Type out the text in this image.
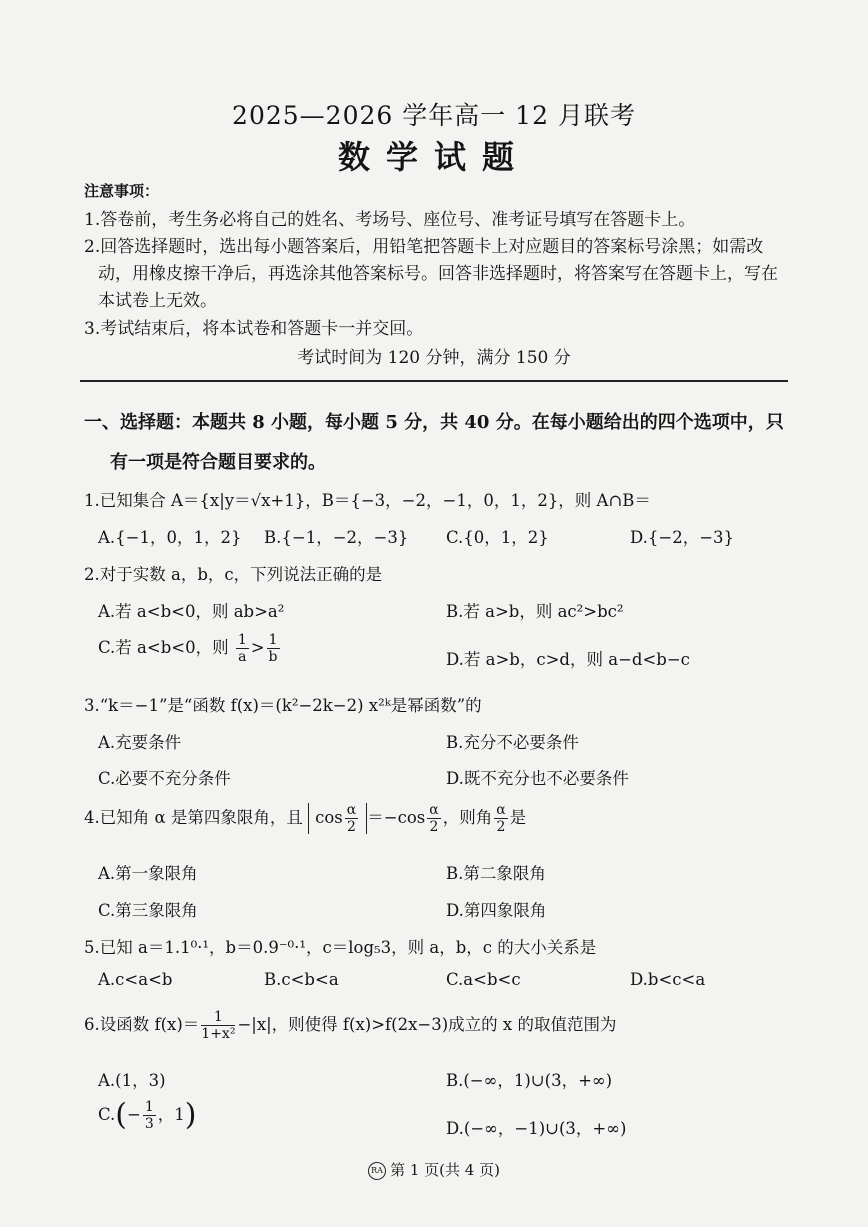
2025—2026 学年高一 12 月联考
数学试题
注意事项：
1.答卷前，考生务必将自己的姓名、考场号、座位号、准考证号填写在答题卡上。
2.回答选择题时，选出每小题答案后，用铅笔把答题卡上对应题目的答案标号涂黑；如需改
动，用橡皮擦干净后，再选涂其他答案标号。回答非选择题时，将答案写在答题卡上，写在
本试卷上无效。
3.考试结束后，将本试卷和答题卡一并交回。
考试时间为 120 分钟，满分 150 分
一、选择题：本题共 8 小题，每小题 5 分，共 40 分。在每小题给出的四个选项中，只
有一项是符合题目要求的。
1.已知集合 A＝{x|y＝√x+1}，B＝{−3，−2，−1，0，1，2}，则 A∩B＝
A.{−1，0，1，2} B.{−1，−2，−3} C.{0，1，2}	D.{−2，−3}
2.对于实数 a，b，c，下列说法正确的是
A.若 a<b<0，则 ab>a²	B.若 a>b，则 ac²>bc²
C.若 a<b<0，则 $\frac{1}{a} > \frac{1}{b}$	D.若 a>b，c>d，则 a−d<b−c
3.“k＝−1”是“函数 f(x)＝(k²−2k−2) x²ᵏ是幂函数”的
A.充要条件	B.充分不必要条件
C.必要不充分条件	D.既不充分也不必要条件
4.已知角 α 是第四象限角，且 $\cos \frac{\alpha}{2} =-\cos \frac{\alpha}{2}$ ，则角 $\frac{\alpha}{2}$ 是
A.第一象限角	B.第二象限角
C.第三象限角	D.第四象限角
5.已知 a＝1.1⁰·¹，b＝0.9⁻⁰·¹，c＝log₅3，则 a，b，c 的大小关系是
A.c<a<b	B.c<b<a	C.a<b<c	D.b<c<a
6.设函数 $f(x)= \frac{1}{\text{1+x²}} -|x|$，则使得 f(x)>f(2x−3)成立的 x 的取值范围为
A.(1，3)	B.(−∞，1)∪(3，+∞)
$C.(- \frac{1}{3}$ ，1)	D.(−∞，−1)∪(3，+∞)
RA 第 1 页(共 4 页)
